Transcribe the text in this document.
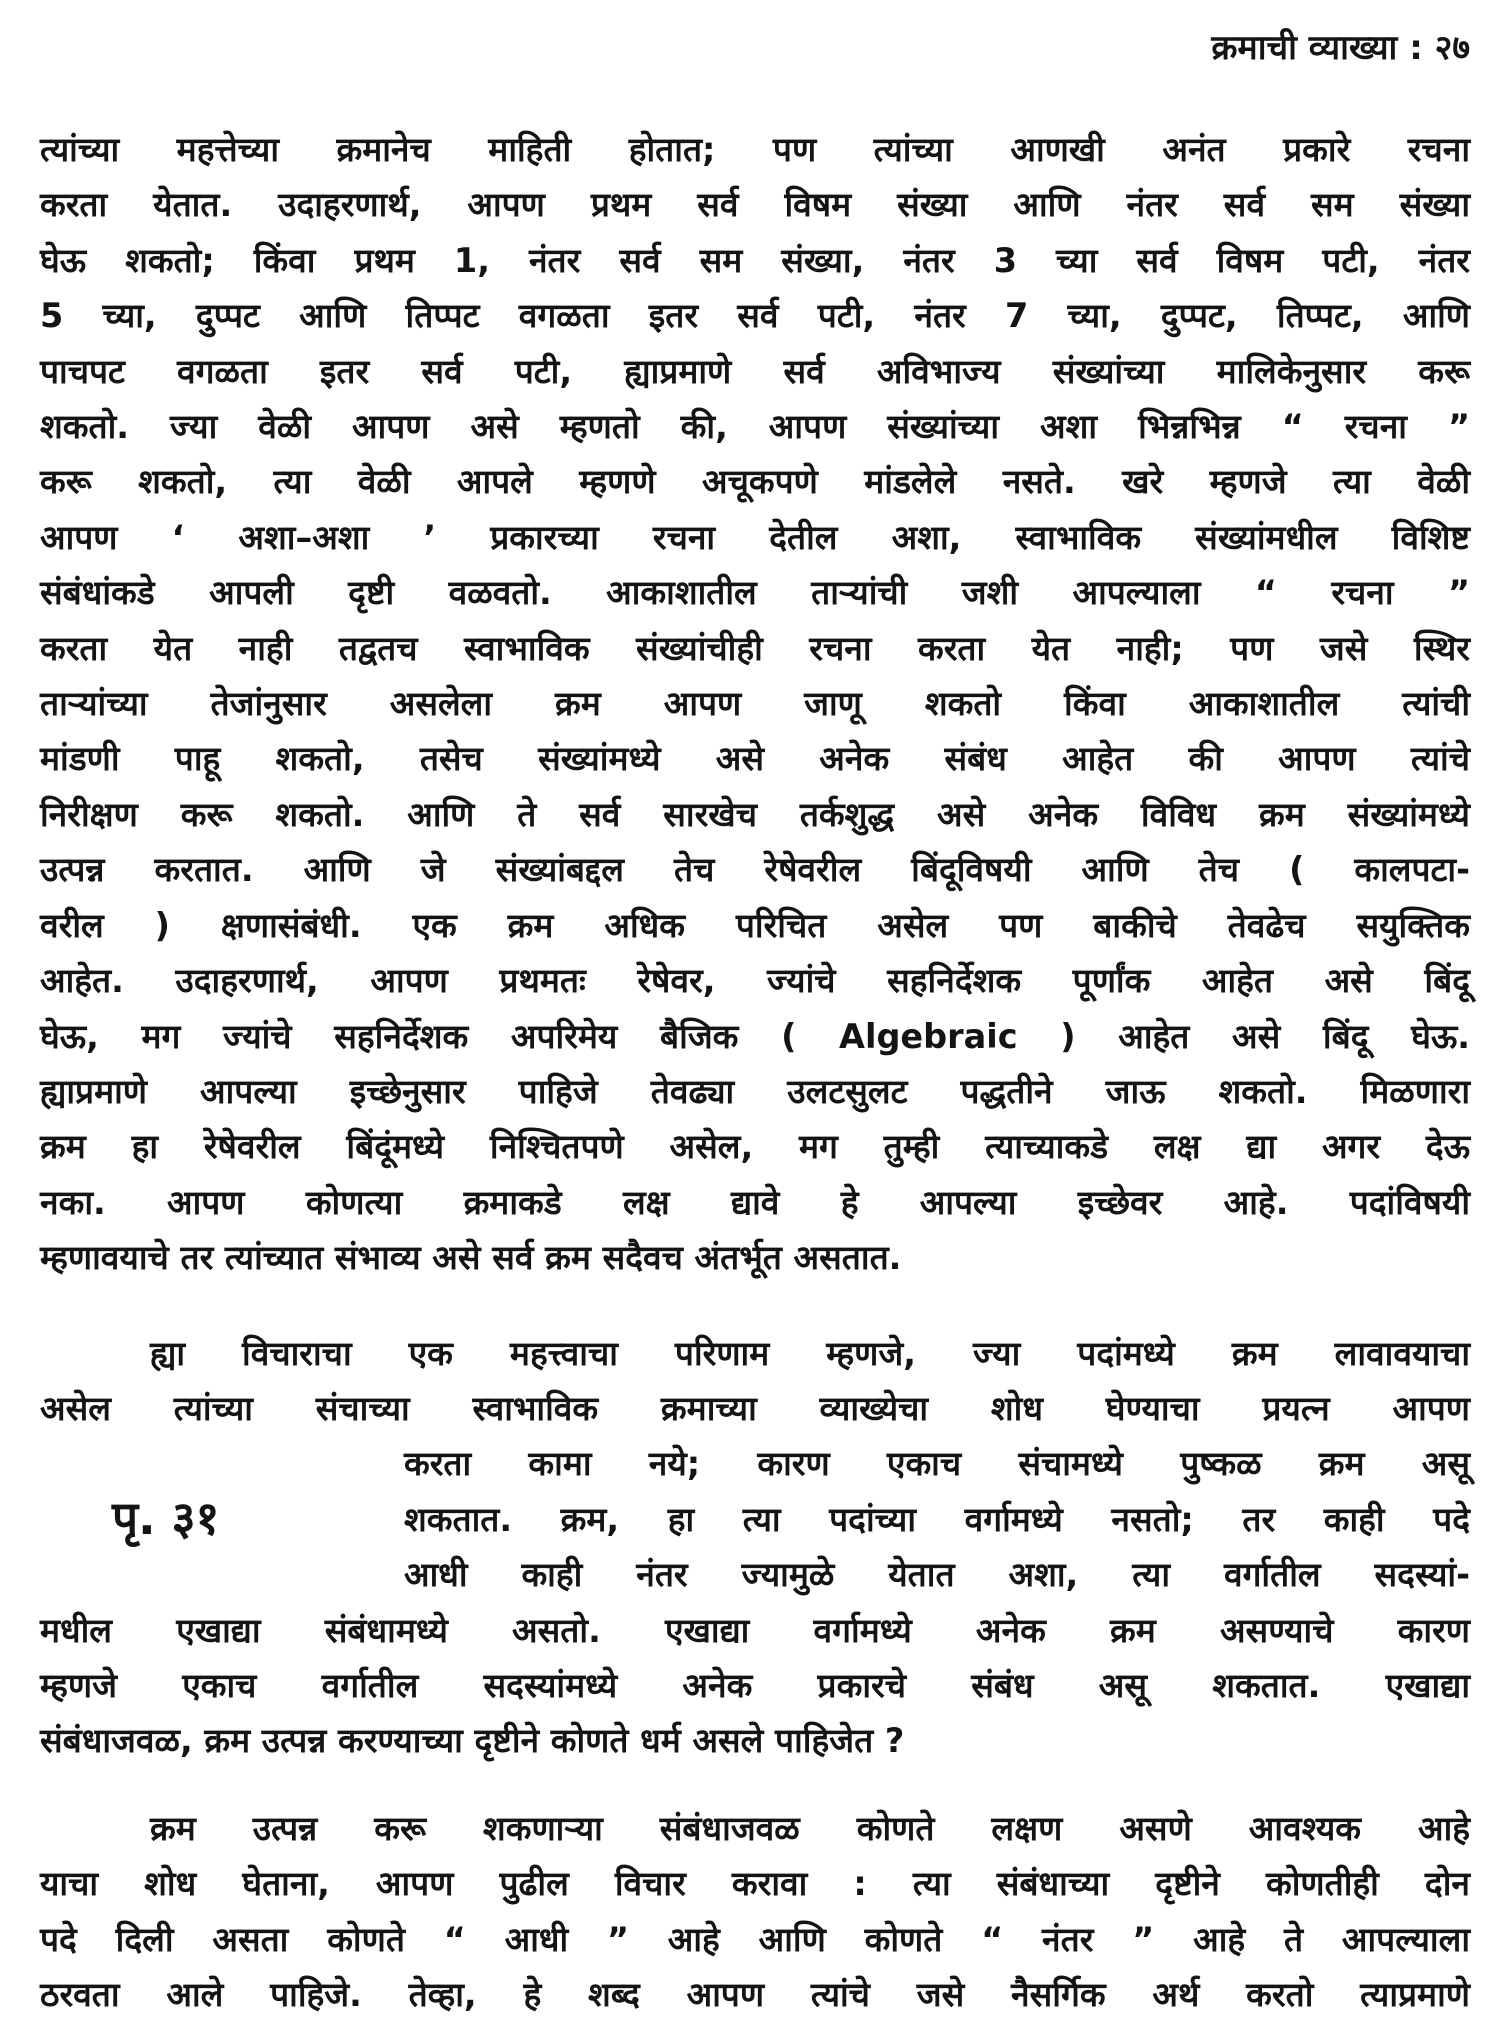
क्रमाची व्याख्या : २७

त्यांच्या महत्तेच्या क्रमानेच माहिती होतात; पण त्यांच्या आणखी अनंत प्रकारे रचना
करता येतात. उदाहरणार्थ, आपण प्रथम सर्व विषम संख्या आणि नंतर सर्व सम संख्या
घेऊ शकतो; किंवा प्रथम 1, नंतर सर्व सम संख्या, नंतर 3 च्या सर्व विषम पटी, नंतर
5 च्या, दुप्पट आणि तिप्पट वगळता इतर सर्व पटी, नंतर 7 च्या, दुप्पट, तिप्पट, आणि
पाचपट वगळता इतर सर्व पटी, ह्याप्रमाणे सर्व अविभाज्य संख्यांच्या मालिकेनुसार करू
शकतो. ज्या वेळी आपण असे म्हणतो की, आपण संख्यांच्या अशा भिन्नभिन्न “ रचना ”
करू शकतो, त्या वेळी आपले म्हणणे अचूकपणे मांडलेले नसते. खरे म्हणजे त्या वेळी
आपण ‘ अशा–अशा ’ प्रकारच्या रचना देतील अशा, स्वाभाविक संख्यांमधील विशिष्ट
संबंधांकडे आपली दृष्टी वळवतो. आकाशातील ताऱ्यांची जशी आपल्याला “ रचना ”
करता येत नाही तद्वतच स्वाभाविक संख्यांचीही रचना करता येत नाही; पण जसे स्थिर
ताऱ्यांच्या तेजांनुसार असलेला क्रम आपण जाणू शकतो किंवा आकाशातील त्यांची
मांडणी पाहू शकतो, तसेच संख्यांमध्ये असे अनेक संबंध आहेत की आपण त्यांचे
निरीक्षण करू शकतो. आणि ते सर्व सारखेच तर्कशुद्ध असे अनेक विविध क्रम संख्यांमध्ये
उत्पन्न करतात. आणि जे संख्यांबद्दल तेच रेषेवरील बिंदूविषयी आणि तेच ( कालपटा-
वरील ) क्षणासंबंधी. एक क्रम अधिक परिचित असेल पण बाकीचे तेवढेच सयुक्तिक
आहेत. उदाहरणार्थ, आपण प्रथमतः रेषेवर, ज्यांचे सहनिर्देशक पूर्णांक आहेत असे बिंदू
घेऊ, मग ज्यांचे सहनिर्देशक अपरिमेय बैजिक ( Algebraic ) आहेत असे बिंदू घेऊ.
ह्याप्रमाणे आपल्या इच्छेनुसार पाहिजे तेवढ्या उलटसुलट पद्धतीने जाऊ शकतो. मिळणारा
क्रम हा रेषेवरील बिंदूंमध्ये निश्चितपणे असेल, मग तुम्ही त्याच्याकडे लक्ष द्या अगर देऊ
नका. आपण कोणत्या क्रमाकडे लक्ष द्यावे हे आपल्या इच्छेवर आहे. पदांविषयी
म्हणावयाचे तर त्यांच्यात संभाव्य असे सर्व क्रम सदैवच अंतर्भूत असतात.

ह्या विचाराचा एक महत्त्वाचा परिणाम म्हणजे, ज्या पदांमध्ये क्रम लावावयाचा
असेल त्यांच्या संचाच्या स्वाभाविक क्रमाच्या व्याख्येचा शोध घेण्याचा प्रयत्न आपण
पृ. ३१
करता कामा नये; कारण एकाच संचामध्ये पुष्कळ क्रम असू
शकतात. क्रम, हा त्या पदांच्या वर्गामध्ये नसतो; तर काही पदे
आधी काही नंतर ज्यामुळे येतात अशा, त्या वर्गातील सदस्यां-
मधील एखाद्या संबंधामध्ये असतो. एखाद्या वर्गामध्ये अनेक क्रम असण्याचे कारण
म्हणजे एकाच वर्गातील सदस्यांमध्ये अनेक प्रकारचे संबंध असू शकतात. एखाद्या
संबंधाजवळ, क्रम उत्पन्न करण्याच्या दृष्टीने कोणते धर्म असले पाहिजेत ?
क्रम उत्पन्न करू शकणाऱ्या संबंधाजवळ कोणते लक्षण असणे आवश्यक आहे
याचा शोध घेताना, आपण पुढील विचार करावा : त्या संबंधाच्या दृष्टीने कोणतीही दोन
पदे दिली असता कोणते “ आधी ” आहे आणि कोणते “ नंतर ” आहे ते आपल्याला
ठरवता आले पाहिजे. तेव्हा, हे शब्द आपण त्यांचे जसे नैसर्गिक अर्थ करतो त्याप्रमाणे
